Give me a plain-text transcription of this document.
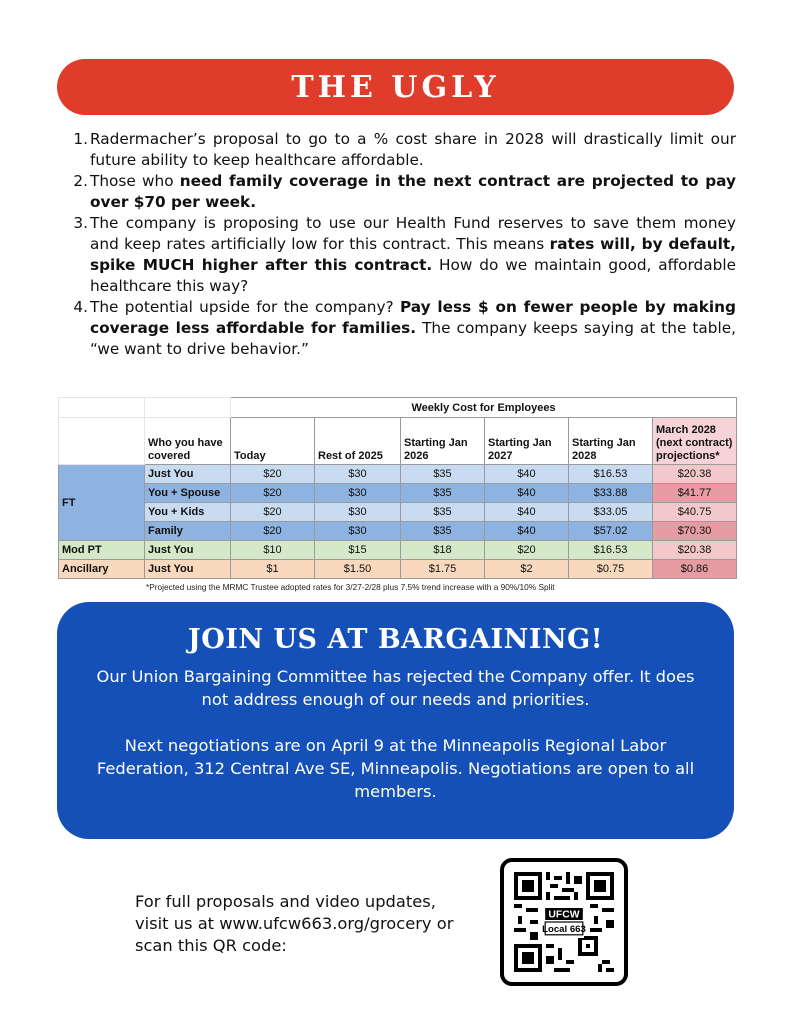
THE UGLY
1. Radermacher’s proposal to go to a % cost share in 2028 will drastically limit our future ability to keep healthcare affordable.
2. Those who need family coverage in the next contract are projected to pay over $70 per week.
3. The company is proposing to use our Health Fund reserves to save them money and keep rates artificially low for this contract. This means rates will, by default, spike MUCH higher after this contract. How do we maintain good, affordable healthcare this way?
4. The potential upside for the company? Pay less $ on fewer people by making coverage less affordable for families. The company keeps saying at the table, “we want to drive behavior.”
		Weekly Cost for Employees					
	Who you have covered	Today	Rest of 2025	Starting Jan 2026	Starting Jan 2027	Starting Jan 2028	March 2028 (next contract) projections*
FT	Just You	$20	$30	$35	$40	$16.53	$20.38
	You + Spouse	$20	$30	$35	$40	$33.88	$41.77
	You + Kids	$20	$30	$35	$40	$33.05	$40.75
	Family	$20	$30	$35	$40	$57.02	$70.30
Mod PT	Just You	$10	$15	$18	$20	$16.53	$20.38
Ancillary	Just You	$1	$1.50	$1.75	$2	$0.75	$0.86
*Projected using the MRMC Trustee adopted rates for 3/27-2/28 plus 7.5% trend increase with a 90%/10% Split
JOIN US AT BARGAINING!

Our Union Bargaining Committee has rejected the Company offer. It does not address enough of our needs and priorities.

Next negotiations are on April 9 at the Minneapolis Regional Labor Federation, 312 Central Ave SE, Minneapolis. Negotiations are open to all members.

For full proposals and video updates,
visit us at www.ufcw663.org/grocery or
scan this QR code:
UFCW
Local 663
